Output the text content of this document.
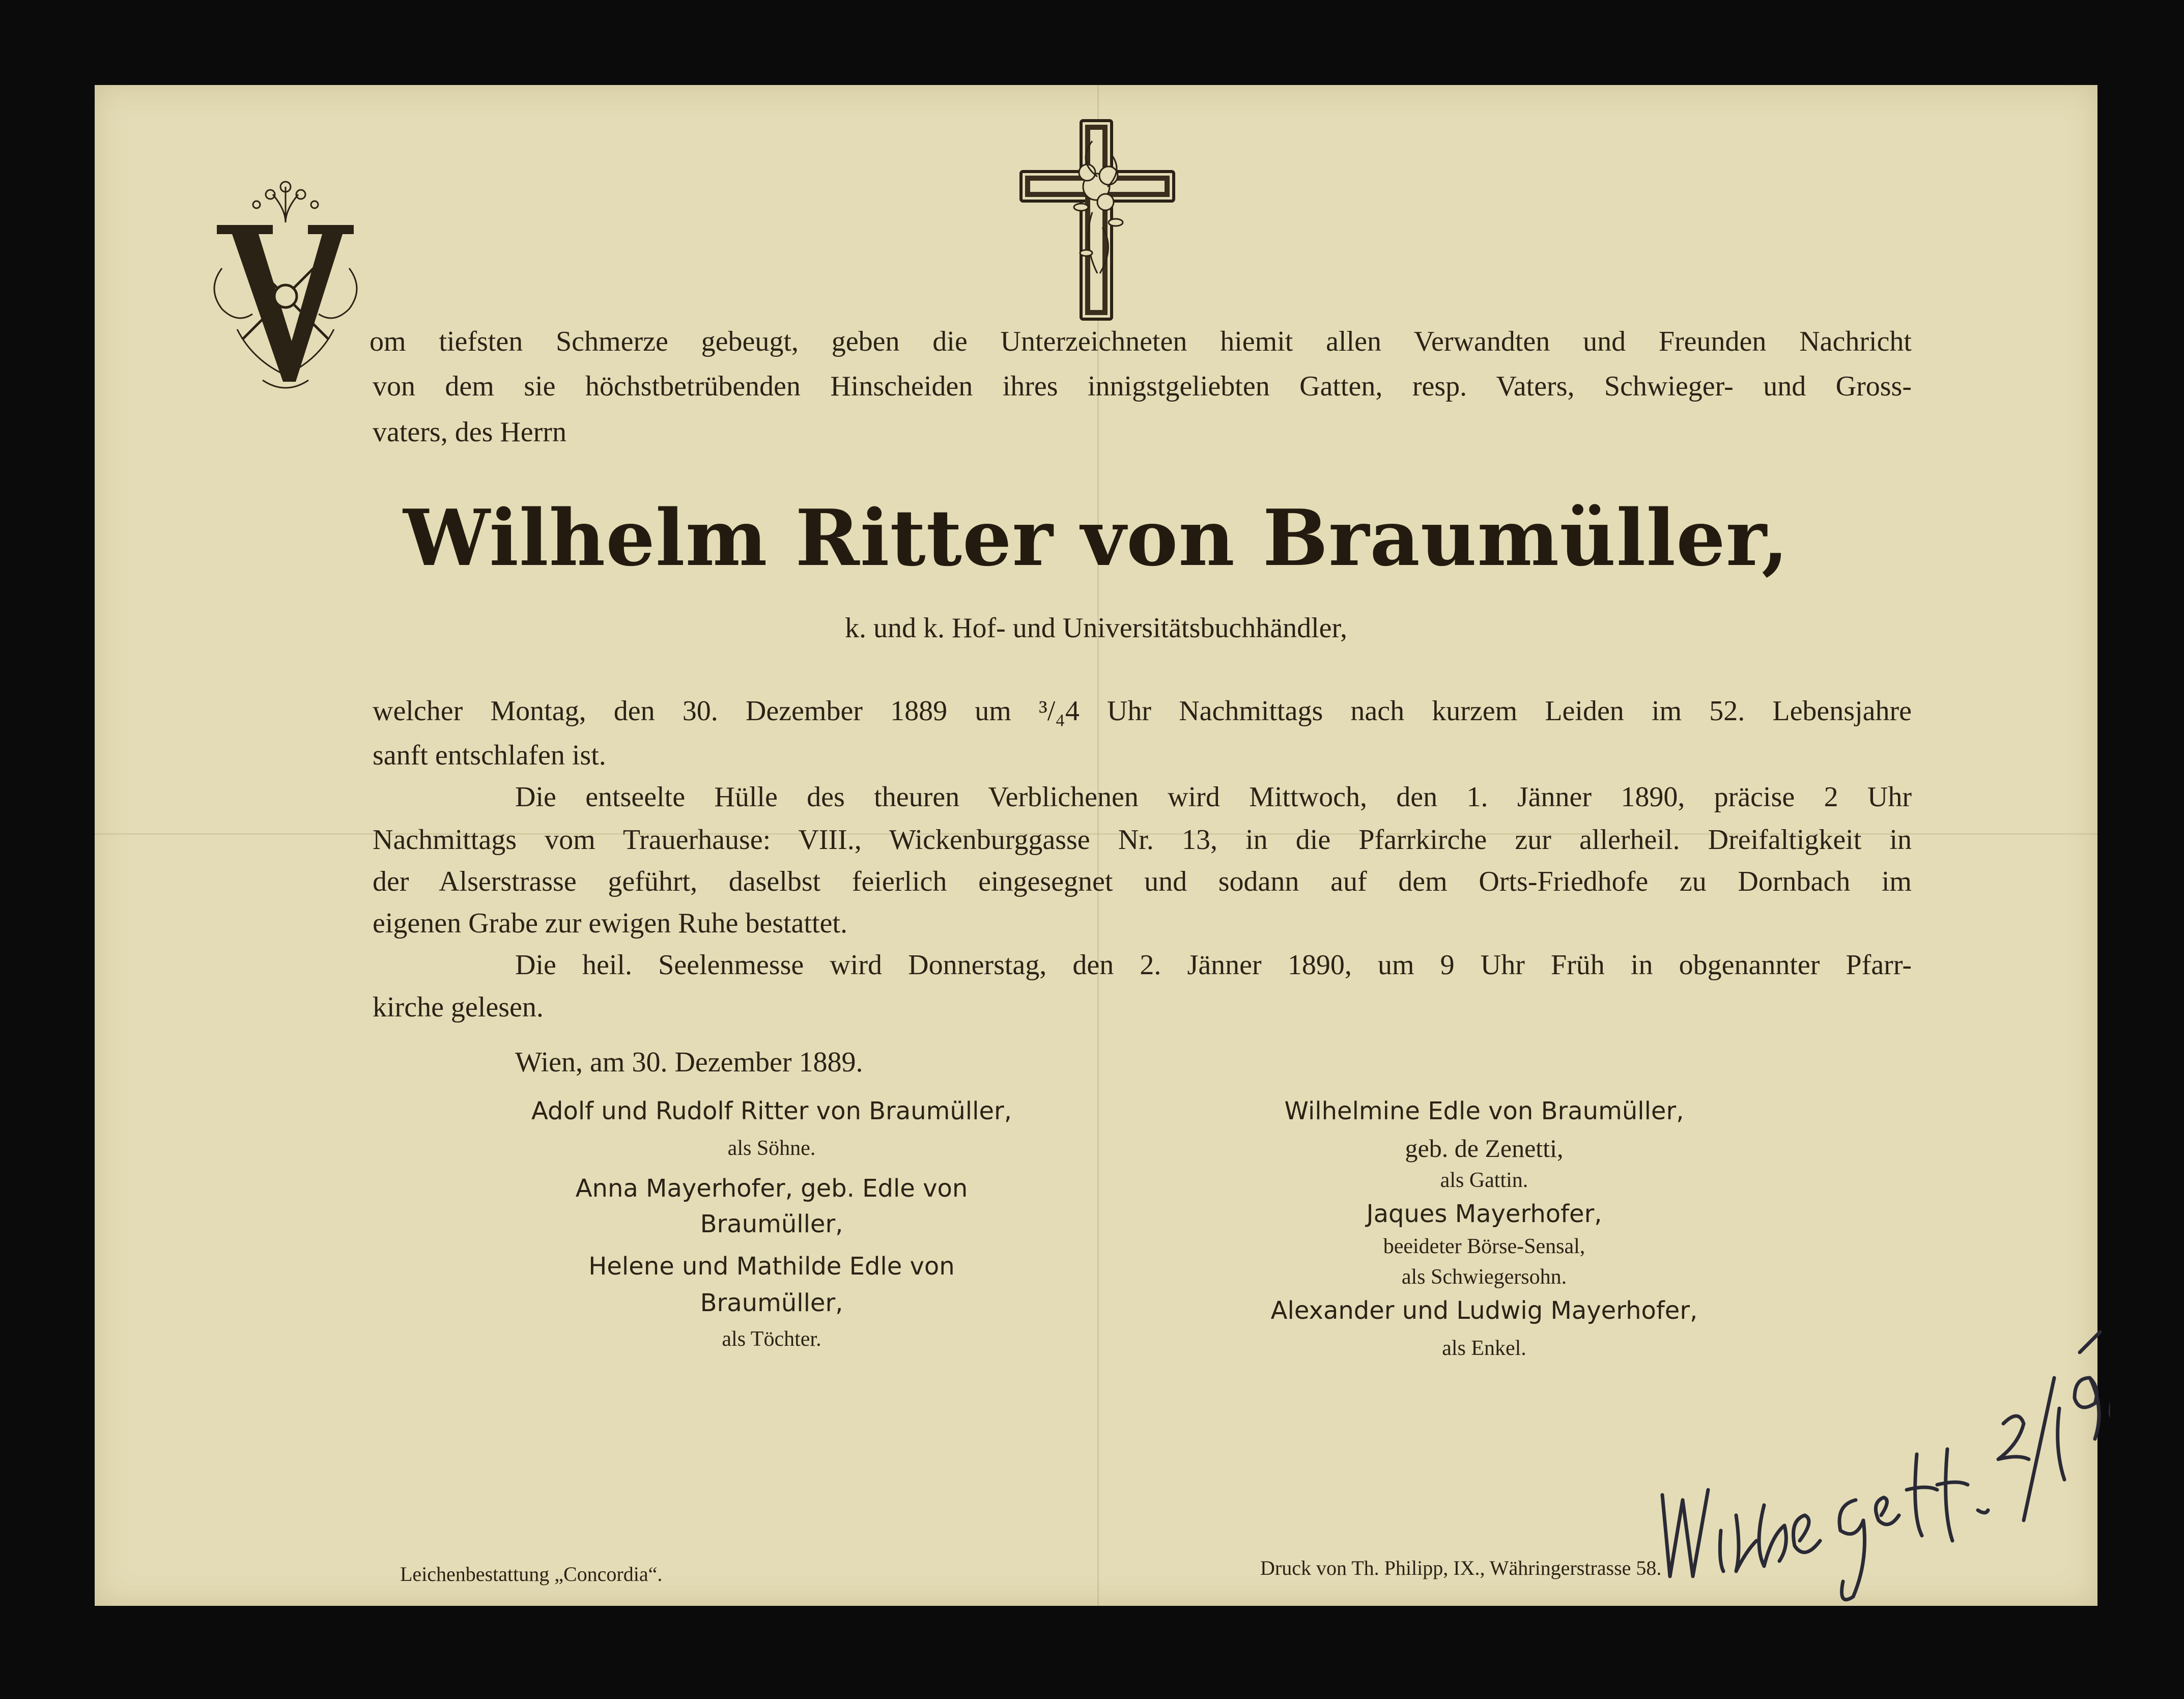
om tiefsten Schmerze gebeugt, geben die Unterzeichneten hiemit allen Verwandten und Freunden Nachricht
von dem sie höchstbetrübenden Hinscheiden ihres innigstgeliebten Gatten, resp. Vaters, Schwieger- und Gross-
vaters, des Herrn
Wilhelm Ritter von Braumüller,
k. und k. Hof- und Universitätsbuchhändler,
welcher Montag, den 30. Dezember 1889 um ³/₄4 Uhr Nachmittags nach kurzem Leiden im 52. Lebensjahre
sanft entschlafen ist.
Die entseelte Hülle des theuren Verblichenen wird Mittwoch, den 1. Jänner 1890, präcise 2 Uhr
Nachmittags vom Trauerhause: VIII., Wickenburggasse Nr. 13, in die Pfarrkirche zur allerheil. Dreifaltigkeit in
der Alserstrasse geführt, daselbst feierlich eingesegnet und sodann auf dem Orts-Friedhofe zu Dornbach im
eigenen Grabe zur ewigen Ruhe bestattet.
Die heil. Seelenmesse wird Donnerstag, den 2. Jänner 1890, um 9 Uhr Früh in obgenannter Pfarr-
kirche gelesen.
Wien, am 30. Dezember 1889.
Adolf und Rudolf Ritter von Braumüller,
als Söhne.
Anna Mayerhofer, geb. Edle von
Braumüller,
Helene und Mathilde Edle von
Braumüller,
als Töchter.
Wilhelmine Edle von Braumüller,
geb. de Zenetti,
als Gattin.
Jaques Mayerhofer,
beeideter Börse-Sensal,
als Schwiegersohn.
Alexander und Ludwig Mayerhofer,
als Enkel.
Leichenbestattung „Concordia“.	Druck von Th. Philipp, IX., Währingerstrasse 58.
